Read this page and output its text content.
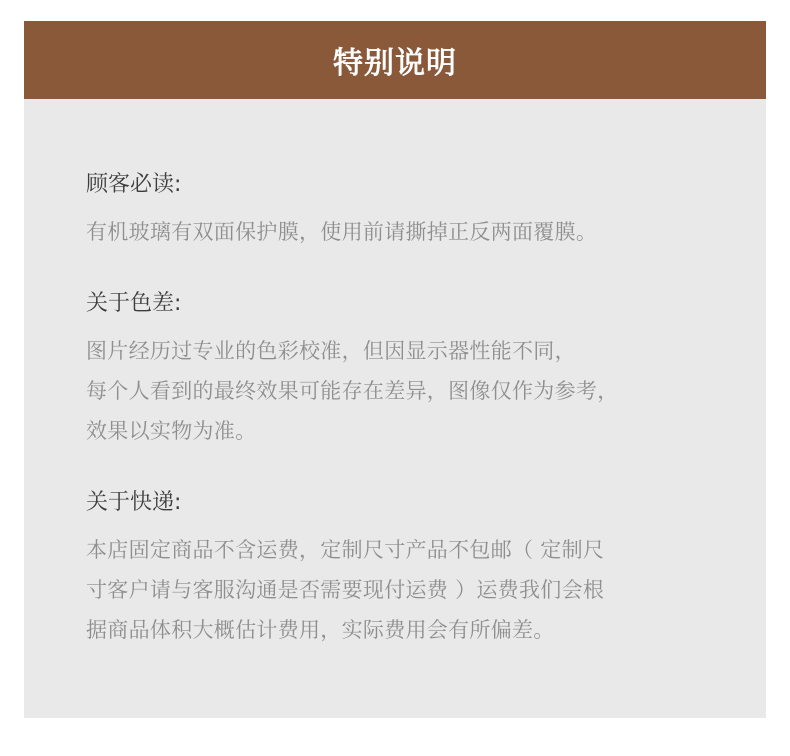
特别说明
顾客必读:
有机玻璃有双面保护膜，使用前请撕掉正反两面覆膜。
关于色差:
图片经历过专业的色彩校准，但因显示器性能不同，
每个人看到的最终效果可能存在差异，图像仅作为参考，
效果以实物为准。
关于快递:
本店固定商品不含运费，定制尺寸产品不包邮（ 定制尺
寸客户请与客服沟通是否需要现付运费 ）运费我们会根
据商品体积大概估计费用，实际费用会有所偏差。
